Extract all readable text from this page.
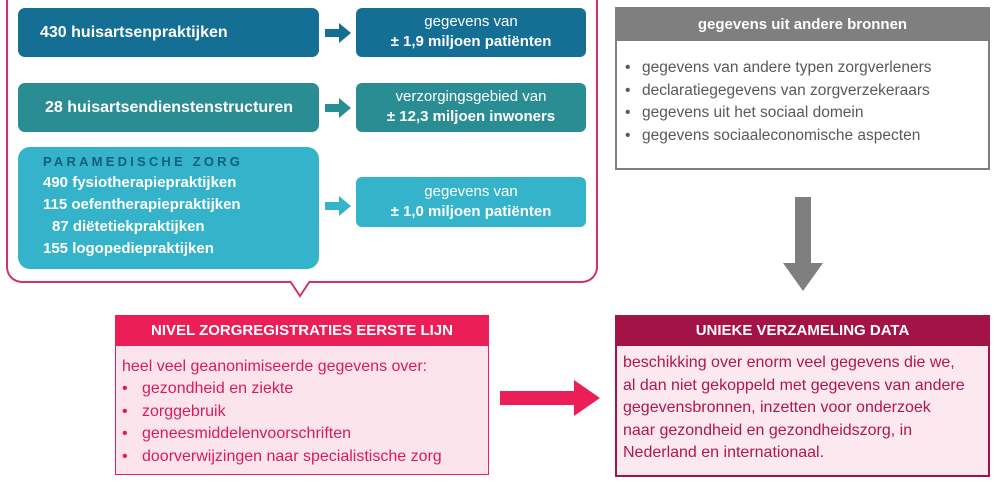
430 huisartsenpraktijken
28 huisartsendienstenstructuren
PARAMEDISCHE ZORG
490 fysiotherapiepraktijken
115 oefentherapiepraktijken
87 diëtetiekpraktijken
155 logopediepraktijken
gegevens van
± 1,9 miljoen patiënten
verzorgingsgebied van
± 12,3 miljoen inwoners
gegevens van
± 1,0 miljoen patiënten
gegevens uit andere bronnen
• gegevens van andere typen zorgverleners
• declaratiegegevens van zorgverzekeraars
• gegevens uit het sociaal domein
• gegevens sociaaleconomische aspecten
NIVEL ZORGREGISTRATIES EERSTE LIJN
heel veel geanonimiseerde gegevens over:
• gezondheid en ziekte
• zorggebruik
• geneesmiddelenvoorschriften
• doorverwijzingen naar specialistische zorg
UNIEKE VERZAMELING DATA
beschikking over enorm veel gegevens die we,
al dan niet gekoppeld met gegevens van andere
gegevensbronnen, inzetten voor onderzoek
naar gezondheid en gezondheidszorg, in
Nederland en internationaal.
